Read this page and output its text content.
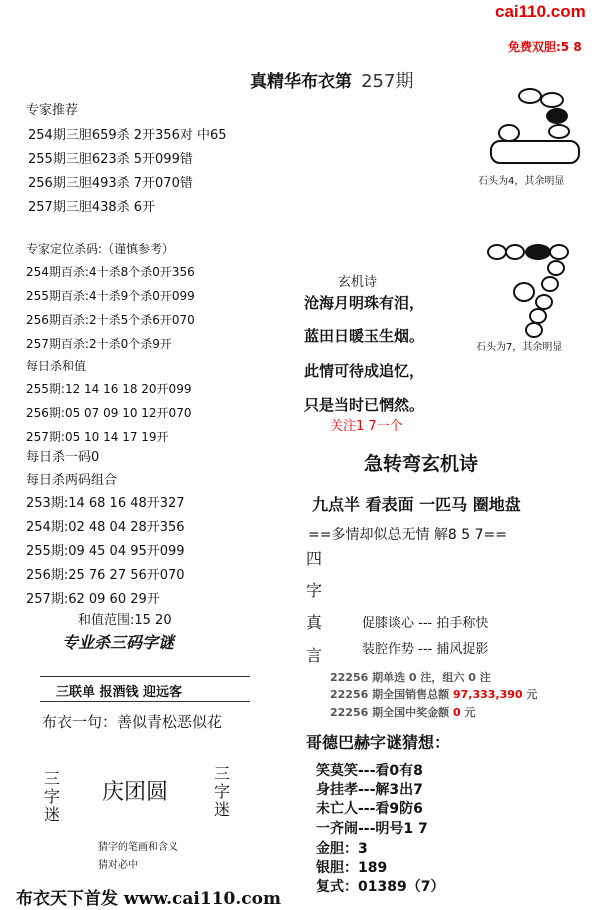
cai110.com
免费双胆:5 8
真精华布衣第 257期
专家推荐
254期三胆659杀 2开356对 中65
255期三胆623杀 5开099错
256期三胆493杀 7开070错
257期三胆438杀 6开
专家定位杀码:（谨慎参考）
254期百杀:4十杀8个杀0开356
255期百杀:4十杀9个杀0开099
256期百杀:2十杀5个杀6开070
257期百杀:2十杀0个杀9开
每日杀和值
255期:12 14 16 18 20开099
256期:05 07 09 10 12开070
257期:05 10 14 17 19开
每日杀一码0
每日杀两码组合
253期:14 68 16 48开327
254期:02 48 04 28开356
255期:09 45 04 95开099
256期:25 76 27 56开070
257期:62 09 60 29开
和值范围:15 20
专业杀三码字谜
三联单 报酒钱 迎远客
布衣一句：善似青松恶似花
三字迷
庆团圆
三字迷
猜字的笔画和含义
猜对必中
石头为4，其余明显
石头为7，其余明显
玄机诗
沧海月明珠有泪，
蓝田日暖玉生烟。
此情可待成追忆，
只是当时已惘然。
关注1 7一个
急转弯玄机诗
九点半 看表面 一匹马 圈地盘
==多情却似总无情 解8 5 7==
四
字
真
言
促膝谈心 --- 拍手称快
装腔作势 --- 捕风捉影
22256 期单选 0 注，组六 0 注
22256 期全国销售总额 97,333,390 元
22256 期全国中奖金额 0 元
哥德巴赫字谜猜想：
笑莫笑---看0有8
身挂孝---解3出7
未亡人---看9防6
一齐闹---明号1 7
金胆：3
银胆：189
复式：01389（7）
布衣天下首发 www.cai110.com
